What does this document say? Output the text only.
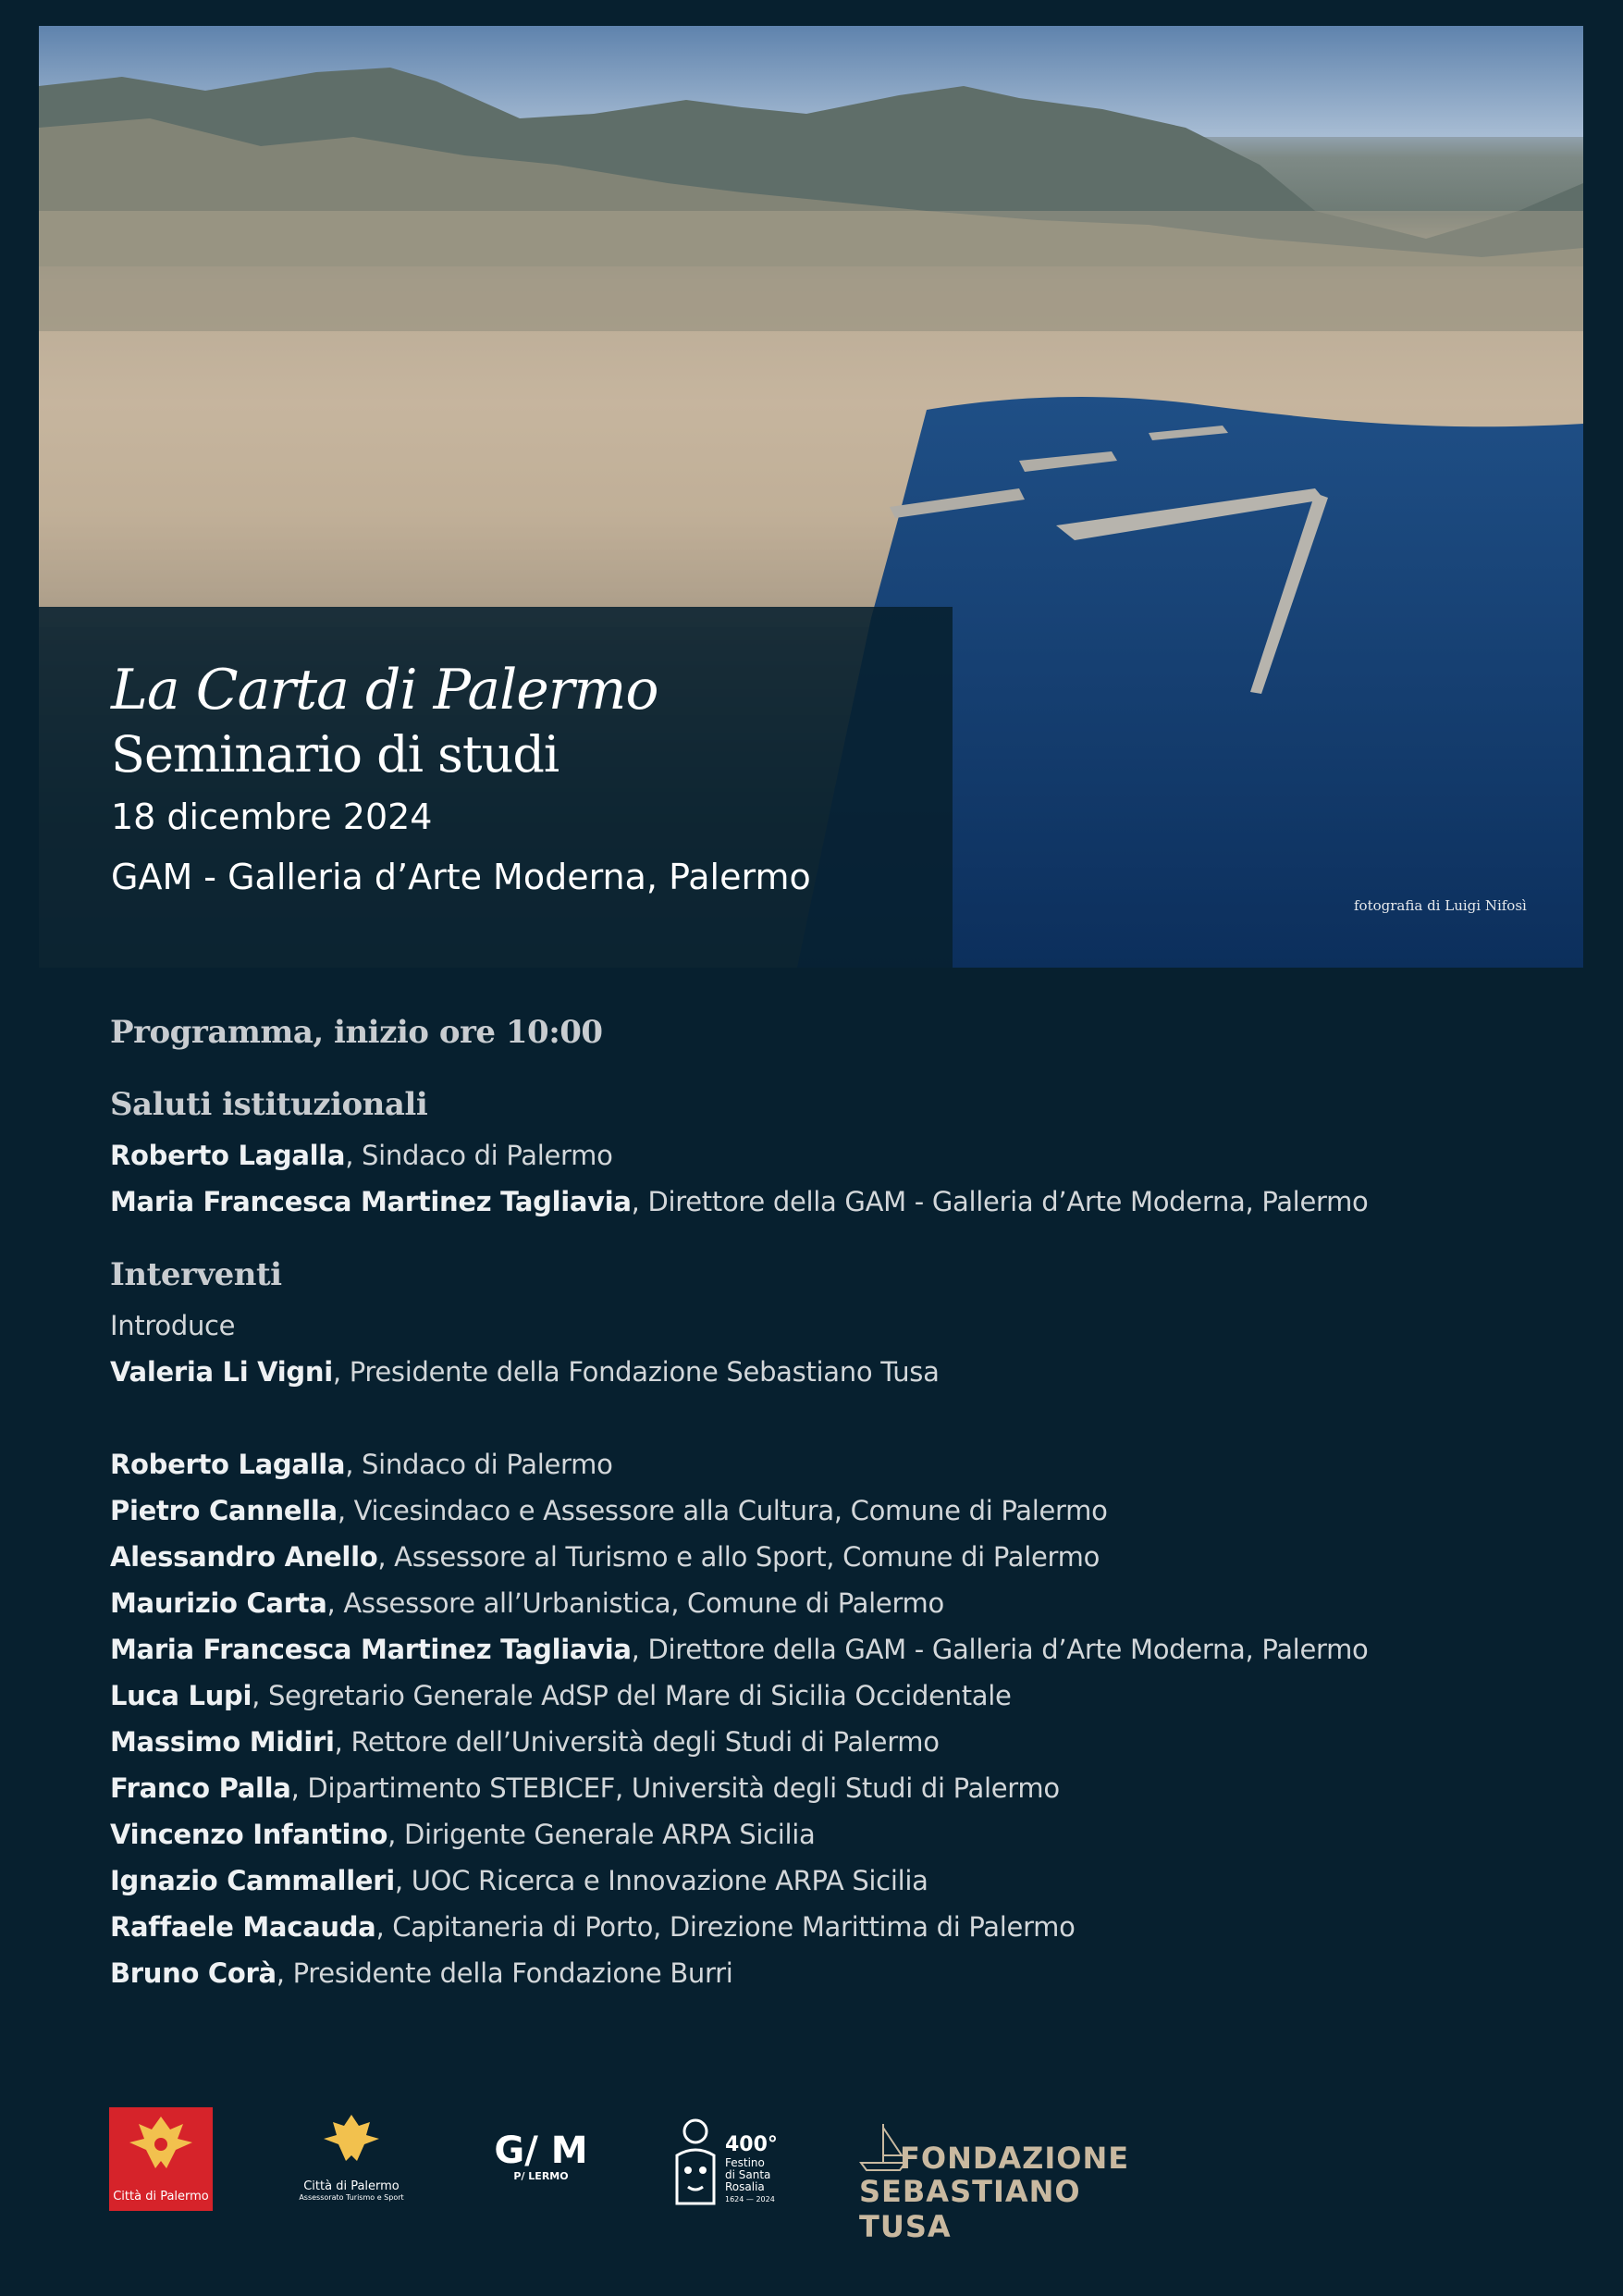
La Carta di Palermo
Seminario di studi
18 dicembre 2024
GAM - Galleria d’Arte Moderna, Palermo
fotografia di Luigi Nifosì
Programma, inizio ore 10:00
Saluti istituzionali
Roberto Lagalla, Sindaco di Palermo
Maria Francesca Martinez Tagliavia, Direttore della GAM - Galleria d’Arte Moderna, Palermo
Interventi
Introduce
Valeria Li Vigni, Presidente della Fondazione Sebastiano Tusa
Roberto Lagalla, Sindaco di Palermo
Pietro Cannella, Vicesindaco e Assessore alla Cultura, Comune di Palermo
Alessandro Anello, Assessore al Turismo e allo Sport, Comune di Palermo
Maurizio Carta, Assessore all’Urbanistica, Comune di Palermo
Maria Francesca Martinez Tagliavia, Direttore della GAM - Galleria d’Arte Moderna, Palermo
Luca Lupi, Segretario Generale AdSP del Mare di Sicilia Occidentale
Massimo Midiri, Rettore dell’Università degli Studi di Palermo
Franco Palla, Dipartimento STEBICEF, Università degli Studi di Palermo
Vincenzo Infantino, Dirigente Generale ARPA Sicilia
Ignazio Cammalleri, UOC Ricerca e Innovazione ARPA Sicilia
Raffaele Macauda, Capitaneria di Porto, Direzione Marittima di Palermo
Bruno Corà, Presidente della Fondazione Burri
Città di Palermo
Città di Palermo
Assessorato Turismo e Sport
G/ M
P/ LERMO
400°
Festino
di Santa
Rosalia
1624 — 2024
FONDAZIONE
SEBASTIANO TUSA
